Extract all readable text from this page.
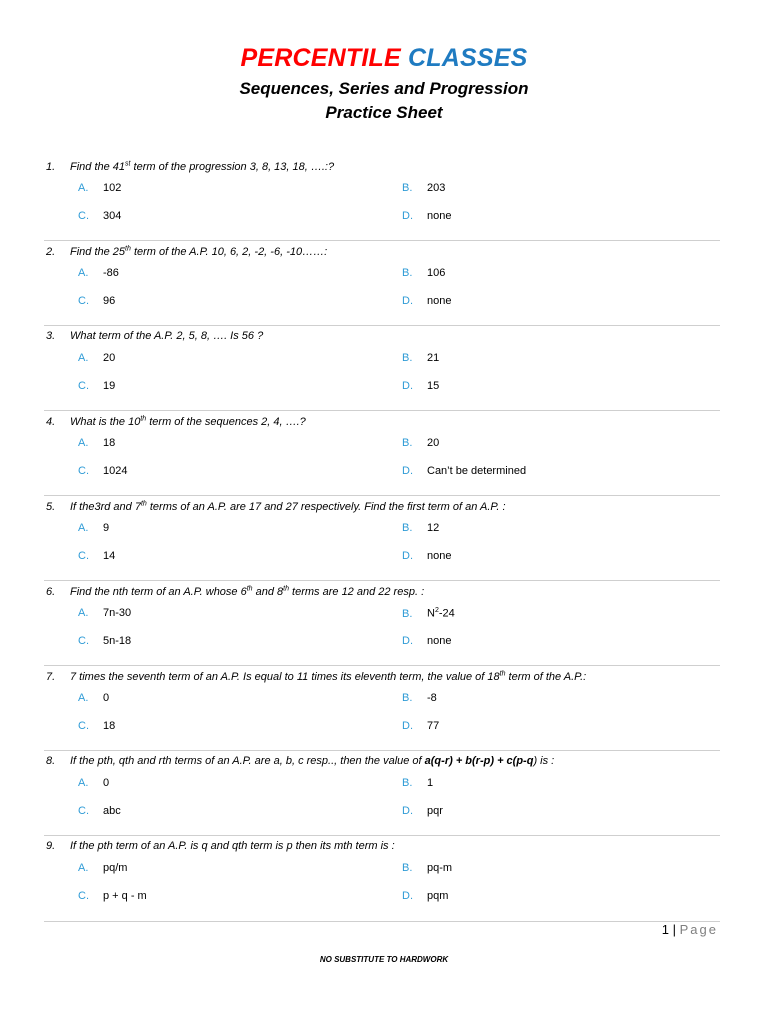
PERCENTILE CLASSES
Sequences, Series and Progression
Practice Sheet
1. Find the 41st term of the progression 3, 8, 13, 18, ….:?
A. 102	B. 203
C. 304	D. none
2. Find the 25th term of the A.P. 10, 6, 2, -2, -6, -10……:
A. -86	B. 106
C. 96	D. none
3. What term of the A.P. 2, 5, 8, …. Is 56 ?
A. 20	B. 21
C. 19	D. 15
4. What is the 10th term of the sequences 2, 4, ….?
A. 18	B. 20
C. 1024	D. Can’t be determined
5. If the3rd and 7th terms of an A.P. are 17 and 27 respectively. Find the first term of an A.P. :
A. 9	B. 12
C. 14	D. none
6. Find the nth term of an A.P. whose 6th and 8th terms are 12 and 22 resp. :
A. 7n-30	B. $N^2-24$
C. 5n-18	D. none
7. 7 times the seventh term of an A.P. Is equal to 11 times its eleventh term, the value of 18th term of the A.P.:
A. 0	B. -8
C. 18	D. 77
8. If the pth, qth and rth terms of an A.P. are a, b, c resp.., then the value of a(q-r) + b(r-p) + c(p-q) is :
A. 0	B. 1
C. abc	D. pqr
9. If the pth term of an A.P. is q and qth term is p then its mth term is :
A. pq/m	B. pq-m
C. p + q - m	D. pqm
1 | Page
NO SUBSTITUTE TO HARDWORK
